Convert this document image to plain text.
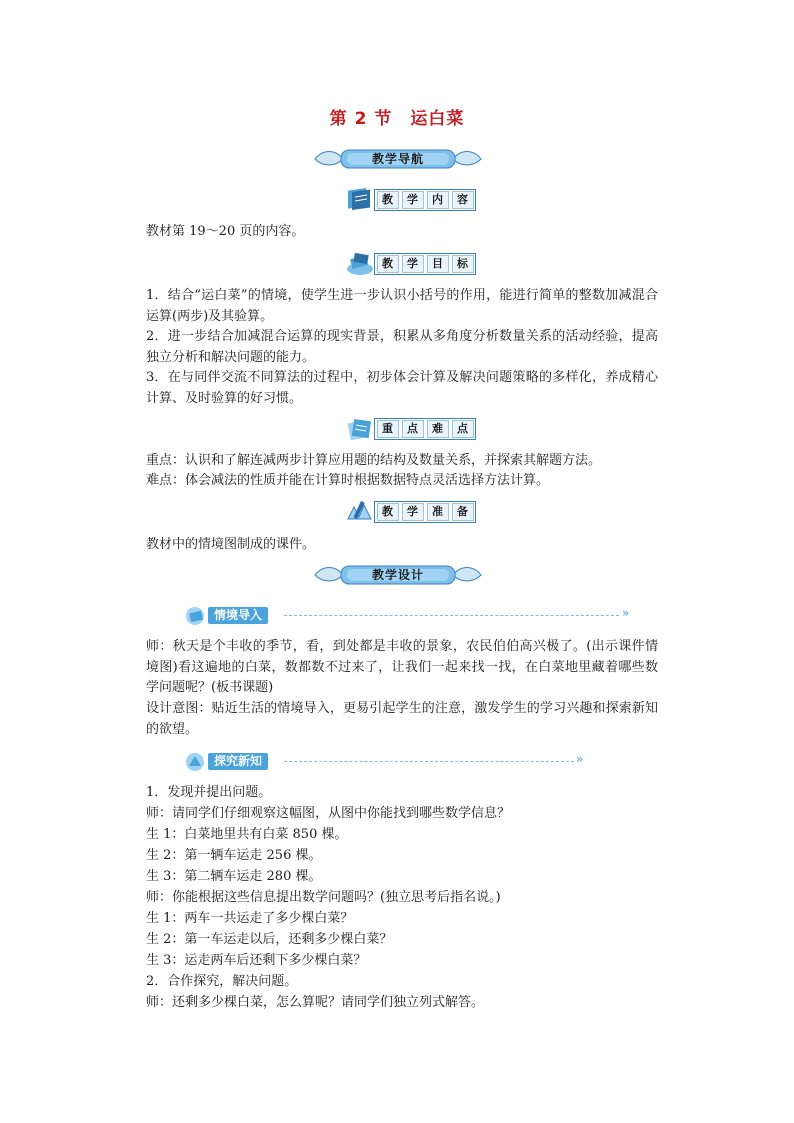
第 2 节　运白菜
教学导航
教	学	内	容
教材第 19～20 页的内容。
教	学	目	标
1．结合“运白菜”的情境，使学生进一步认识小括号的作用，能进行简单的整数加减混合运算(两步)及其验算。
2．进一步结合加减混合运算的现实背景，积累从多角度分析数量关系的活动经验，提高独立分析和解决问题的能力。
3．在与同伴交流不同算法的过程中，初步体会计算及解决问题策略的多样化，养成精心计算、及时验算的好习惯。
重	点	难	点
重点：认识和了解连减两步计算应用题的结构及数量关系，并探索其解题方法。
难点：体会减法的性质并能在计算时根据数据特点灵活选择方法计算。
教	学	准	备
教材中的情境图制成的课件。
教学设计
情境导入	»
师：秋天是个丰收的季节，看，到处都是丰收的景象，农民伯伯高兴极了。(出示课件情境图)看这遍地的白菜，数都数不过来了，让我们一起来找一找，在白菜地里藏着哪些数学问题呢？(板书课题)
设计意图：贴近生活的情境导入，更易引起学生的注意，激发学生的学习兴趣和探索新知的欲望。
探究新知	»
1．发现并提出问题。
师：请同学们仔细观察这幅图，从图中你能找到哪些数学信息？
生 1：白菜地里共有白菜 850 棵。
生 2：第一辆车运走 256 棵。
生 3：第二辆车运走 280 棵。
师：你能根据这些信息提出数学问题吗？(独立思考后指名说。)
生 1：两车一共运走了多少棵白菜？
生 2：第一车运走以后，还剩多少棵白菜？
生 3：运走两车后还剩下多少棵白菜？
2．合作探究，解决问题。
师：还剩多少棵白菜，怎么算呢？请同学们独立列式解答。
